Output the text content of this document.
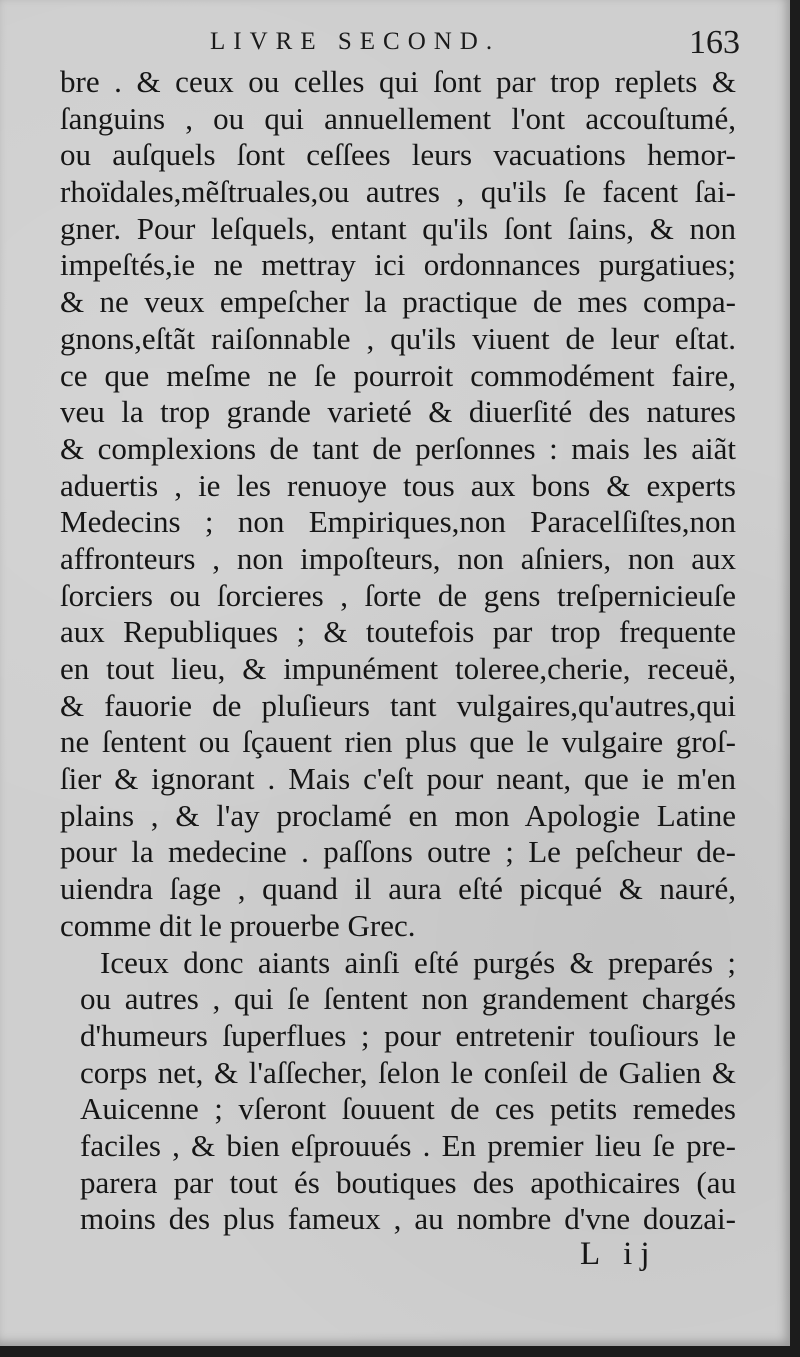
LIVRE SECOND.	163
bre . & ceux ou celles qui ſont par trop replets &
ſanguins , ou qui annuellement l'ont accouſtumé,
ou auſquels ſont ceſſees leurs vacuations hemor-
rhoïdales,mẽſtruales,ou autres , qu'ils ſe facent ſai-
gner. Pour leſquels, entant qu'ils ſont ſains, & non
impeſtés,ie ne mettray ici ordonnances purgatiues;
& ne veux empeſcher la practique de mes compa-
gnons,eſtãt raiſonnable , qu'ils viuent de leur eſtat.
ce que meſme ne ſe pourroit commodément faire,
veu la trop grande varieté & diuerſité des natures
& complexions de tant de perſonnes : mais les aiãt
aduertis , ie les renuoye tous aux bons & experts
Medecins ; non Empiriques,non Paracelſiſtes,non
affronteurs , non impoſteurs, non aſniers, non aux
ſorciers ou ſorcieres , ſorte de gens treſpernicieuſe
aux Republiques ; & toutefois par trop frequente
en tout lieu, & impunément toleree,cherie, receuë,
& fauorie de pluſieurs tant vulgaires,qu'autres,qui
ne ſentent ou ſçauent rien plus que le vulgaire groſ-
ſier & ignorant . Mais c'eſt pour neant, que ie m'en
plains , & l'ay proclamé en mon Apologie Latine
pour la medecine . paſſons outre ; Le peſcheur de-
uiendra ſage , quand il aura eſté picqué & nauré,
comme dit le prouerbe Grec.
Iceux donc aiants ainſi eſté purgés & preparés ;
ou autres , qui ſe ſentent non grandement chargés
d'humeurs ſuperflues ; pour entretenir touſiours le
corps net, & l'aſſecher, ſelon le conſeil de Galien &
Auicenne ; vſeront ſouuent de ces petits remedes
faciles , & bien eſprouués . En premier lieu ſe pre-
parera par tout és boutiques des apothicaires (au
moins des plus fameux , au nombre d'vne douzai-
L ij
